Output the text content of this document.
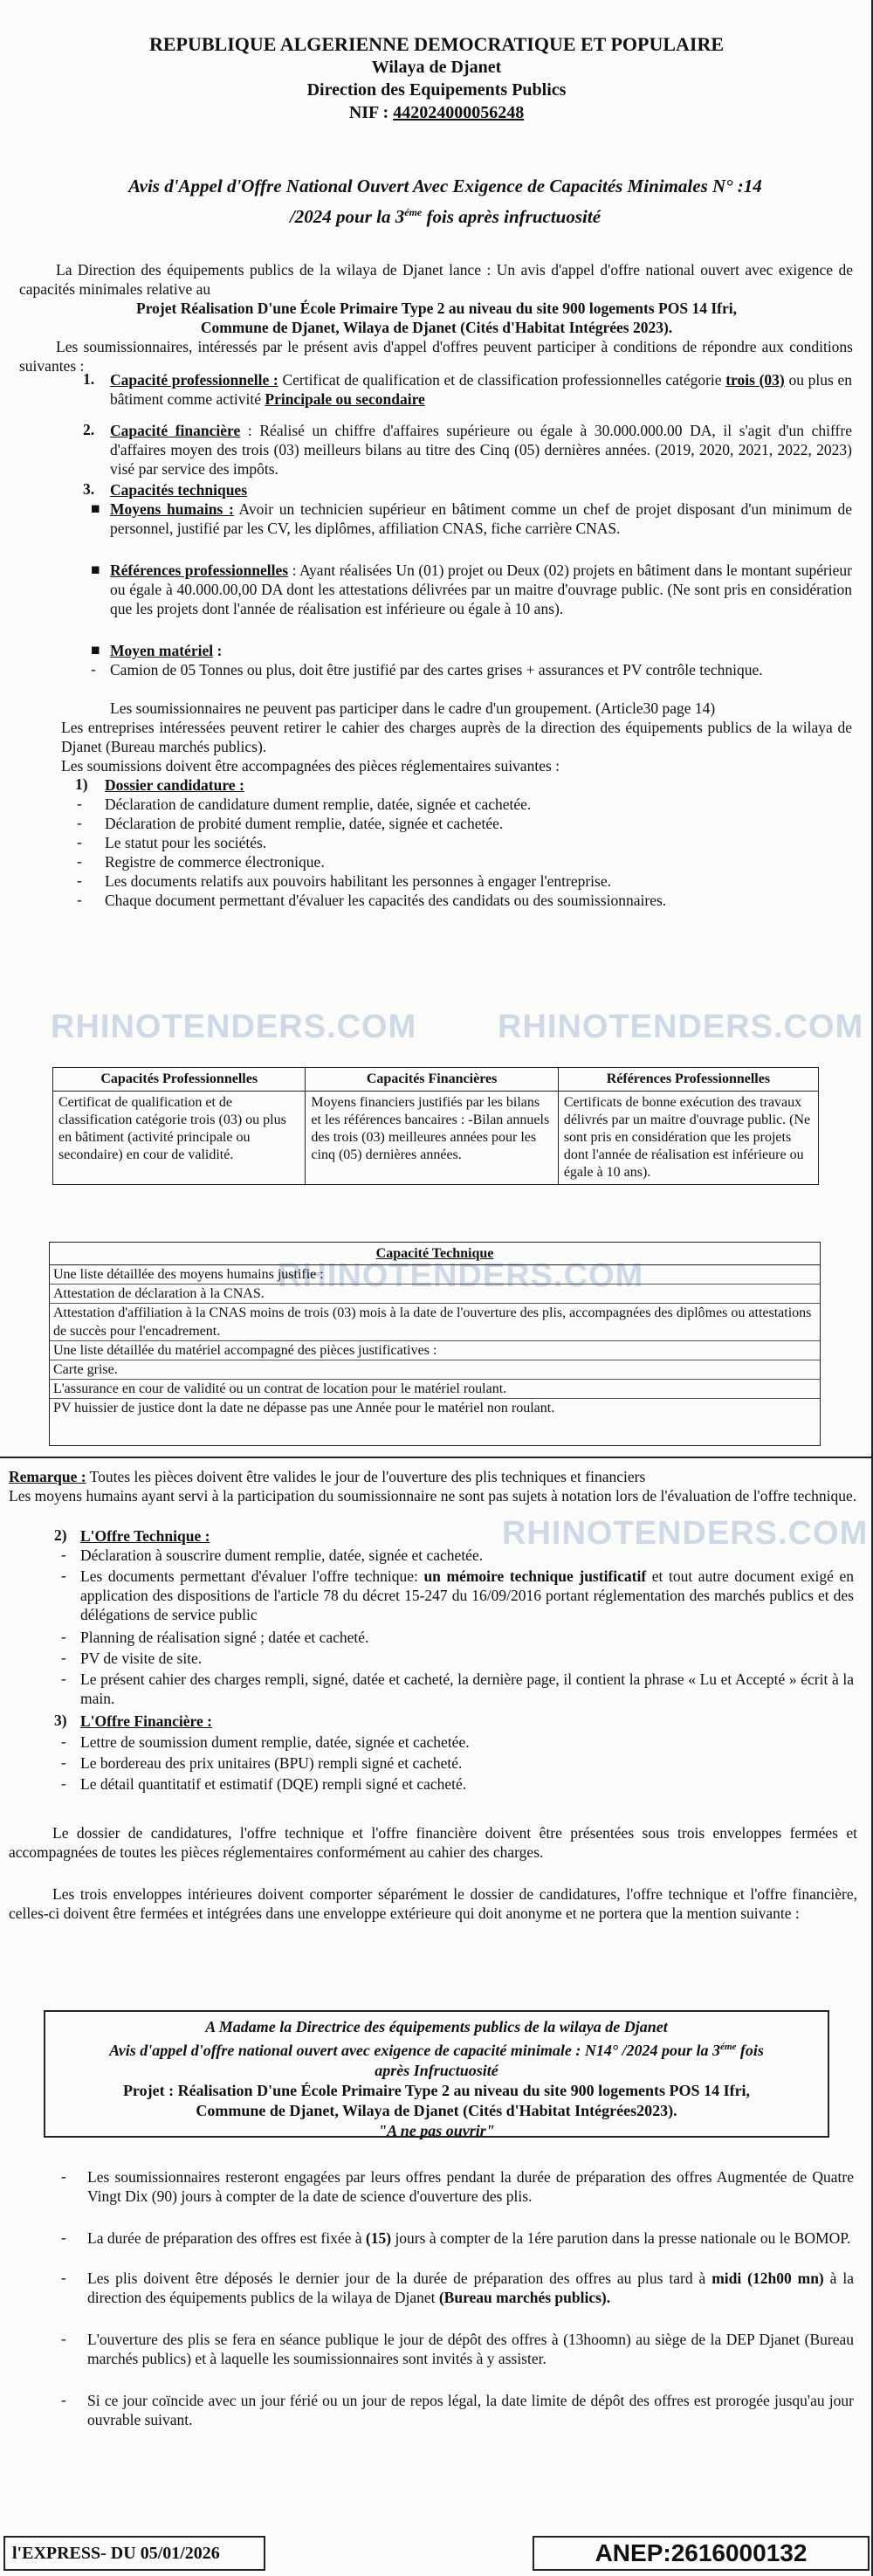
RHINOTENDERS.COM RHINOTENDERS.COM
RHINOTENDERS.COM
RHINOTENDERS.COM
REPUBLIQUE ALGERIENNE DEMOCRATIQUE ET POPULAIRE
Wilaya de Djanet
Direction des Equipements Publics
NIF : 442024000056248
Avis d'Appel d'Offre National Ouvert Avec Exigence de Capacités Minimales N° :14
/2024 pour la $3^{éme}$ fois après infructuosité
La Direction des équipements publics de la wilaya de Djanet lance : Un avis d'appel d'offre national ouvert avec exigence de capacités minimales relative au
Projet Réalisation D'une École Primaire Type 2 au niveau du site 900 logements POS 14 Ifri,
Commune de Djanet, Wilaya de Djanet (Cités d'Habitat Intégrées 2023).
Les soumissionnaires, intéressés par le présent avis d'appel d'offres peuvent participer à conditions de répondre aux conditions suivantes :
1. Capacité professionnelle : Certificat de qualification et de classification professionnelles catégorie trois (03) ou plus en bâtiment comme activité Principale ou secondaire
2. Capacité financière : Réalisé un chiffre d'affaires supérieure ou égale à 30.000.000.00 DA, il s'agit d'un chiffre d'affaires moyen des trois (03) meilleurs bilans au titre des Cinq (05) dernières années. (2019, 2020, 2021, 2022, 2023) visé par service des impôts.
3. Capacités techniques
■ Moyens humains : Avoir un technicien supérieur en bâtiment comme un chef de projet disposant d'un minimum de personnel, justifié par les CV, les diplômes, affiliation CNAS, fiche carrière CNAS.
■ Références professionnelles : Ayant réalisées Un (01) projet ou Deux (02) projets en bâtiment dans le montant supérieur ou égale à 40.000.00,00 DA dont les attestations délivrées par un maitre d'ouvrage public. (Ne sont pris en considération que les projets dont l'année de réalisation est inférieure ou égale à 10 ans).
■ Moyen matériel :
- Camion de 05 Tonnes ou plus, doit être justifié par des cartes grises + assurances et PV contrôle technique.
Les soumissionnaires ne peuvent pas participer dans le cadre d'un groupement. (Article30 page 14)
Les entreprises intéressées peuvent retirer le cahier des charges auprès de la direction des équipements publics de la wilaya de Djanet (Bureau marchés publics).
Les soumissions doivent être accompagnées des pièces réglementaires suivantes :
1) Dossier candidature :
- Déclaration de candidature dument remplie, datée, signée et cachetée.
- Déclaration de probité dument remplie, datée, signée et cachetée.
- Le statut pour les sociétés.
- Registre de commerce électronique.
- Les documents relatifs aux pouvoirs habilitant les personnes à engager l'entreprise.
- Chaque document permettant d'évaluer les capacités des candidats ou des soumissionnaires.
Capacités Professionnelles	Capacités Financières	Références Professionnelles
Certificat de qualification et de classification catégorie trois (03) ou plus en bâtiment (activité principale ou secondaire) en cour de validité.	Moyens financiers justifiés par les bilans et les références bancaires : -Bilan annuels des trois (03) meilleures années pour les cinq (05) dernières années.	Certificats de bonne exécution des travaux délivrés par un maitre d'ouvrage public. (Ne sont pris en considération que les projets dont l'année de réalisation est inférieure ou égale à 10 ans).
Capacité Technique
Une liste détaillée des moyens humains justifie :
Attestation de déclaration à la CNAS.
Attestation d'affiliation à la CNAS moins de trois (03) mois à la date de l'ouverture des plis, accompagnées des diplômes ou attestations de succès pour l'encadrement.
Une liste détaillée du matériel accompagné des pièces justificatives :
Carte grise.
L'assurance en cour de validité ou un contrat de location pour le matériel roulant.
PV huissier de justice dont la date ne dépasse pas une Année pour le matériel non roulant.
Remarque : Toutes les pièces doivent être valides le jour de l'ouverture des plis techniques et financiers
Les moyens humains ayant servi à la participation du soumissionnaire ne sont pas sujets à notation lors de l'évaluation de l'offre technique.
2) L'Offre Technique :
- Déclaration à souscrire dument remplie, datée, signée et cachetée.
- Les documents permettant d'évaluer l'offre technique: un mémoire technique justificatif et tout autre document exigé en application des dispositions de l'article 78 du décret 15-247 du 16/09/2016 portant réglementation des marchés publics et des délégations de service public
- Planning de réalisation signé ; datée et cacheté.
- PV de visite de site.
- Le présent cahier des charges rempli, signé, datée et cacheté, la dernière page, il contient la phrase « Lu et Accepté » écrit à la main.
3) L'Offre Financière :
- Lettre de soumission dument remplie, datée, signée et cachetée.
- Le bordereau des prix unitaires (BPU) rempli signé et cacheté.
- Le détail quantitatif et estimatif (DQE) rempli signé et cacheté.
Le dossier de candidatures, l'offre technique et l'offre financière doivent être présentées sous trois enveloppes fermées et accompagnées de toutes les pièces réglementaires conformément au cahier des charges.
Les trois enveloppes intérieures doivent comporter séparément le dossier de candidatures, l'offre technique et l'offre financière, celles-ci doivent être fermées et intégrées dans une enveloppe extérieure qui doit anonyme et ne portera que la mention suivante :
A Madame la Directrice des équipements publics de la wilaya de Djanet
Avis d'appel d'offre national ouvert avec exigence de capacité minimale : N14° /2024 pour la $3^{éme}$ fois
après Infructuosité
Projet : Réalisation D'une École Primaire Type 2 au niveau du site 900 logements POS 14 Ifri,
Commune de Djanet, Wilaya de Djanet (Cités d'Habitat Intégrées2023).
"A ne pas ouvrir"
- Les soumissionnaires resteront engagées par leurs offres pendant la durée de préparation des offres Augmentée de Quatre Vingt Dix (90) jours à compter de la date de science d'ouverture des plis.
- La durée de préparation des offres est fixée à (15) jours à compter de la 1ére parution dans la presse nationale ou le BOMOP.
- Les plis doivent être déposés le dernier jour de la durée de préparation des offres au plus tard à midi (12h00 mn) à la direction des équipements publics de la wilaya de Djanet (Bureau marchés publics).
- L'ouverture des plis se fera en séance publique le jour de dépôt des offres à (13hoomn) au siège de la DEP Djanet (Bureau marchés publics) et à laquelle les soumissionnaires sont invités à y assister.
- Si ce jour coïncide avec un jour férié ou un jour de repos légal, la date limite de dépôt des offres est prorogée jusqu'au jour ouvrable suivant.
l'EXPRESS- DU 05/01/2026	ANEP:2616000132
